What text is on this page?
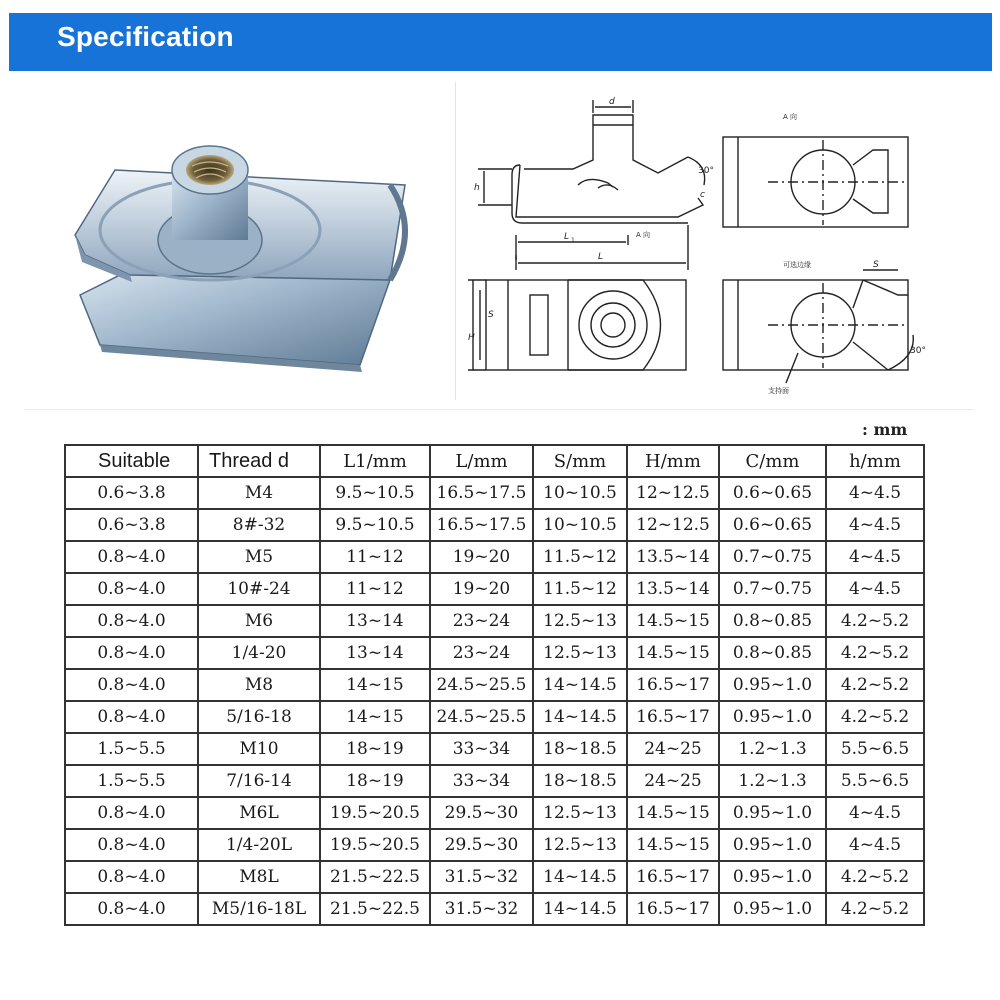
Specification
d
h
L 1
L
S
H
30°
c
A 向
A 向
可选边缘	S
30°
支持面
: mm
Suitable	Thread d	L1/mm	L/mm	S/mm	H/mm	C/mm	h/mm
0.6~3.8	M4	9.5~10.5	16.5~17.5	10~10.5	12~12.5	0.6~0.65	4~4.5
0.6~3.8	8#-32	9.5~10.5	16.5~17.5	10~10.5	12~12.5	0.6~0.65	4~4.5
0.8~4.0	M5	11~12	19~20	11.5~12	13.5~14	0.7~0.75	4~4.5
0.8~4.0	10#-24	11~12	19~20	11.5~12	13.5~14	0.7~0.75	4~4.5
0.8~4.0	M6	13~14	23~24	12.5~13	14.5~15	0.8~0.85	4.2~5.2
0.8~4.0	1/4-20	13~14	23~24	12.5~13	14.5~15	0.8~0.85	4.2~5.2
0.8~4.0	M8	14~15	24.5~25.5	14~14.5	16.5~17	0.95~1.0	4.2~5.2
0.8~4.0	5/16-18	14~15	24.5~25.5	14~14.5	16.5~17	0.95~1.0	4.2~5.2
1.5~5.5	M10	18~19	33~34	18~18.5	24~25	1.2~1.3	5.5~6.5
1.5~5.5	7/16-14	18~19	33~34	18~18.5	24~25	1.2~1.3	5.5~6.5
0.8~4.0	M6L	19.5~20.5	29.5~30	12.5~13	14.5~15	0.95~1.0	4~4.5
0.8~4.0	1/4-20L	19.5~20.5	29.5~30	12.5~13	14.5~15	0.95~1.0	4~4.5
0.8~4.0	M8L	21.5~22.5	31.5~32	14~14.5	16.5~17	0.95~1.0	4.2~5.2
0.8~4.0	M5/16-18L	21.5~22.5	31.5~32	14~14.5	16.5~17	0.95~1.0	4.2~5.2
